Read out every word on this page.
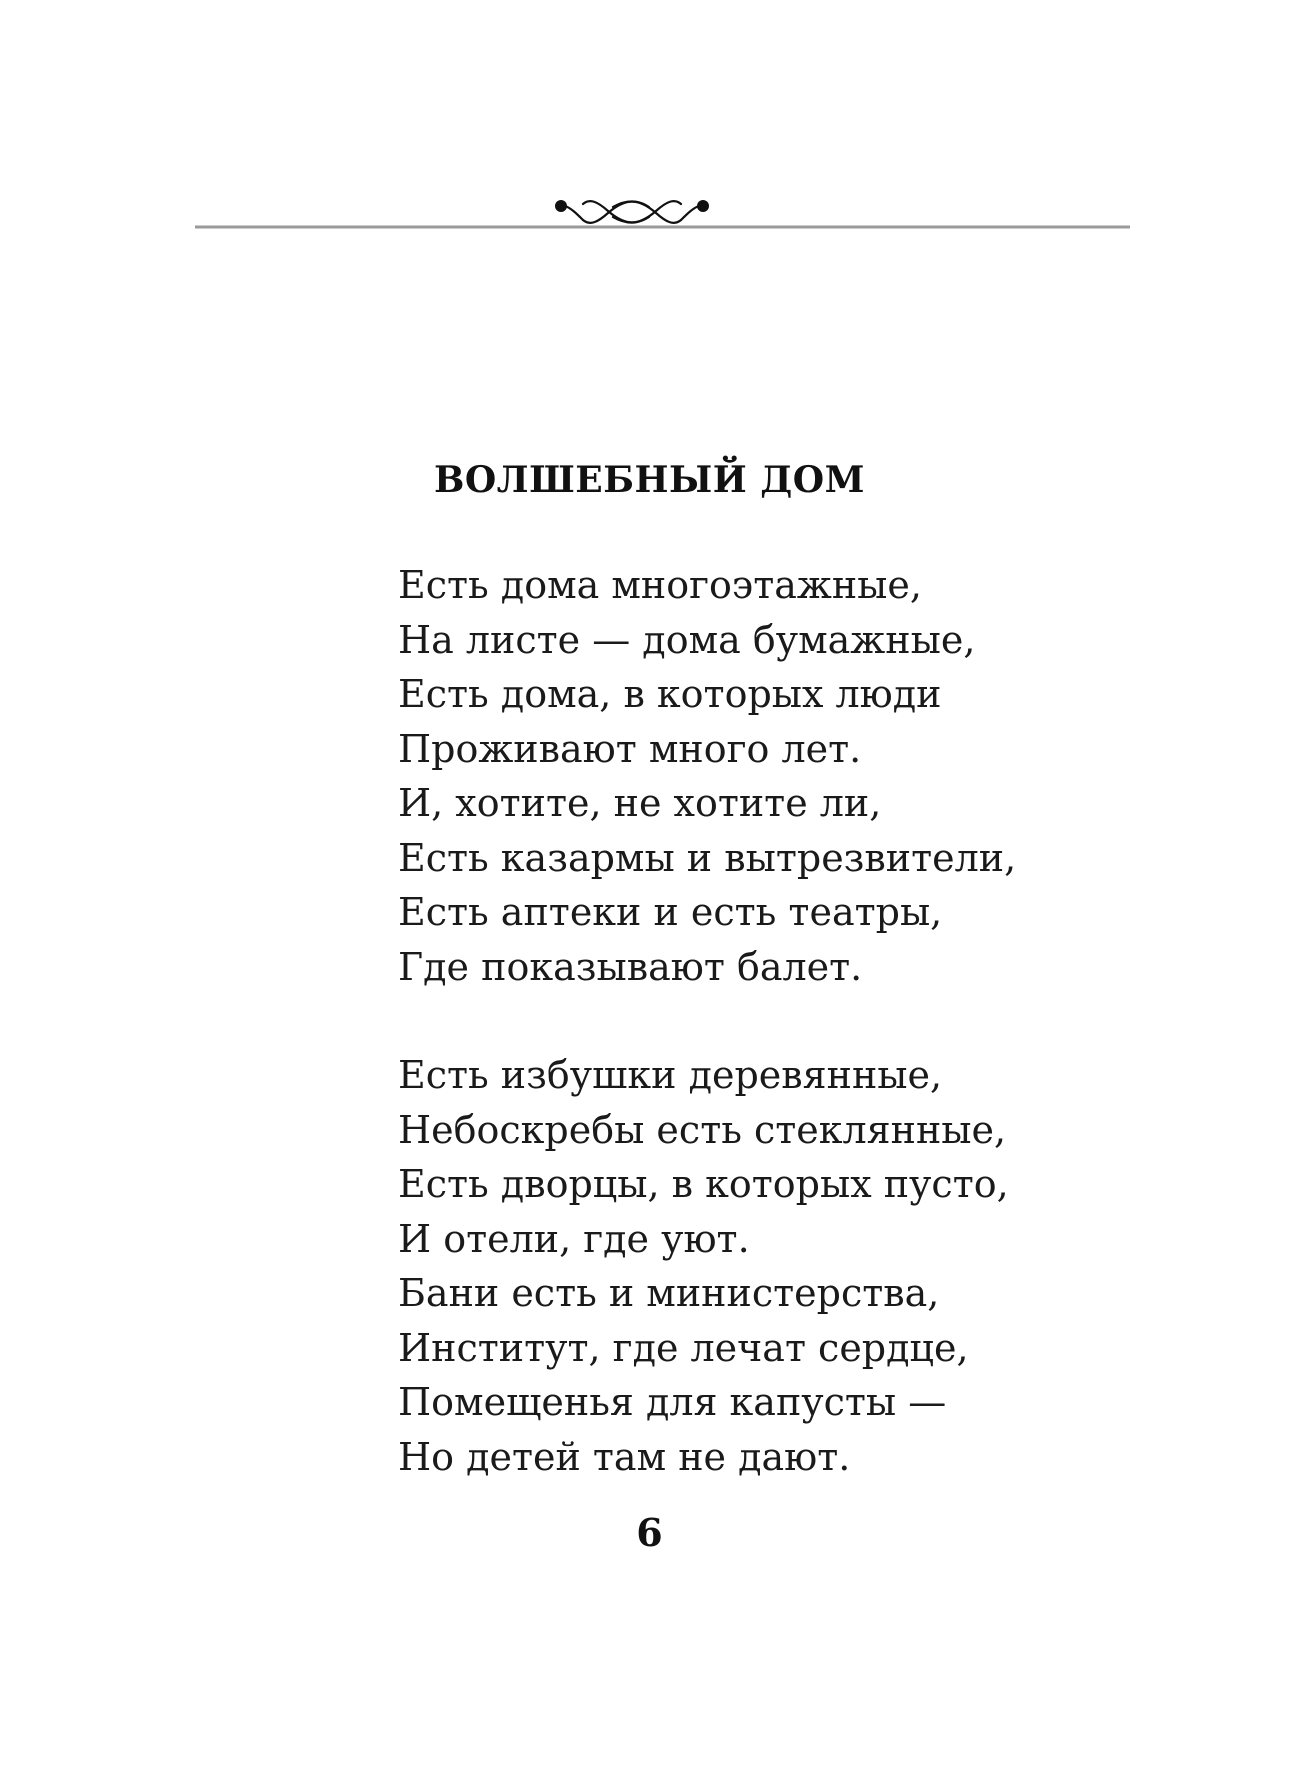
ВОЛШЕБНЫЙ ДОМ

Есть дома многоэтажные,
На листе — дома бумажные,
Есть дома, в которых люди
Проживают много лет.
И, хотите, не хотите ли,
Есть казармы и вытрезвители,
Есть аптеки и есть театры,
Где показывают балет.

Есть избушки деревянные,
Небоскребы есть стеклянные,
Есть дворцы, в которых пусто,
И отели, где уют.
Бани есть и министерства,
Институт, где лечат сердце,
Помещенья для капусты —
Но детей там не дают.

6
